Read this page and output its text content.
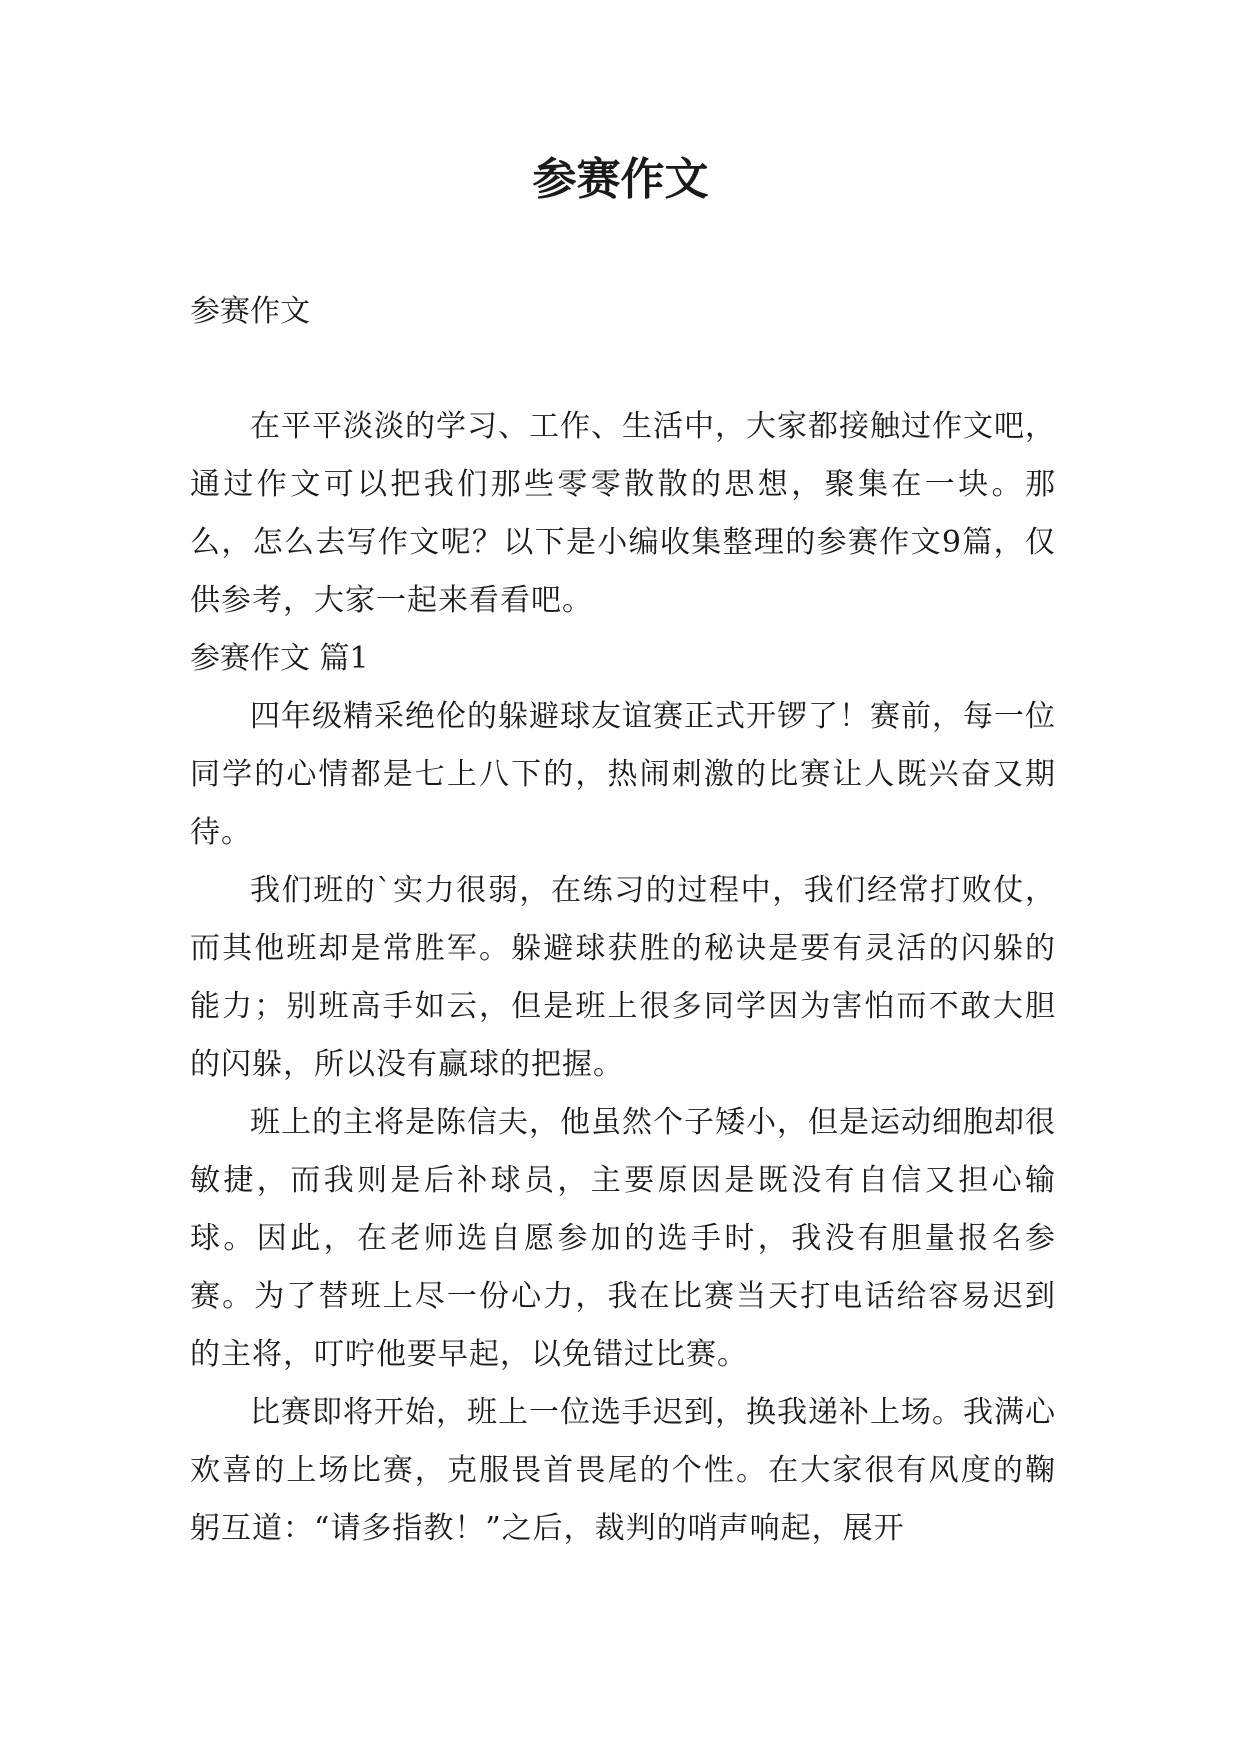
参赛作文

参赛作文

在平平淡淡的学习、工作、生活中，大家都接触过作文吧，通过作文可以把我们那些零零散散的思想，聚集在一块。那么，怎么去写作文呢？以下是小编收集整理的参赛作文9篇，仅供参考，大家一起来看看吧。

参赛作文 篇1

四年级精采绝伦的躲避球友谊赛正式开锣了！赛前，每一位同学的心情都是七上八下的，热闹刺激的比赛让人既兴奋又期待。

我们班的`实力很弱，在练习的过程中，我们经常打败仗，而其他班却是常胜军。躲避球获胜的秘诀是要有灵活的闪躲的能力；别班高手如云，但是班上很多同学因为害怕而不敢大胆的闪躲，所以没有赢球的把握。

班上的主将是陈信夫，他虽然个子矮小，但是运动细胞却很敏捷，而我则是后补球员，主要原因是既没有自信又担心输球。因此，在老师选自愿参加的选手时，我没有胆量报名参赛。为了替班上尽一份心力，我在比赛当天打电话给容易迟到的主将，叮咛他要早起，以免错过比赛。

比赛即将开始，班上一位选手迟到，换我递补上场。我满心欢喜的上场比赛，克服畏首畏尾的个性。在大家很有风度的鞠躬互道：“请多指教！”之后，裁判的哨声响起，展开
